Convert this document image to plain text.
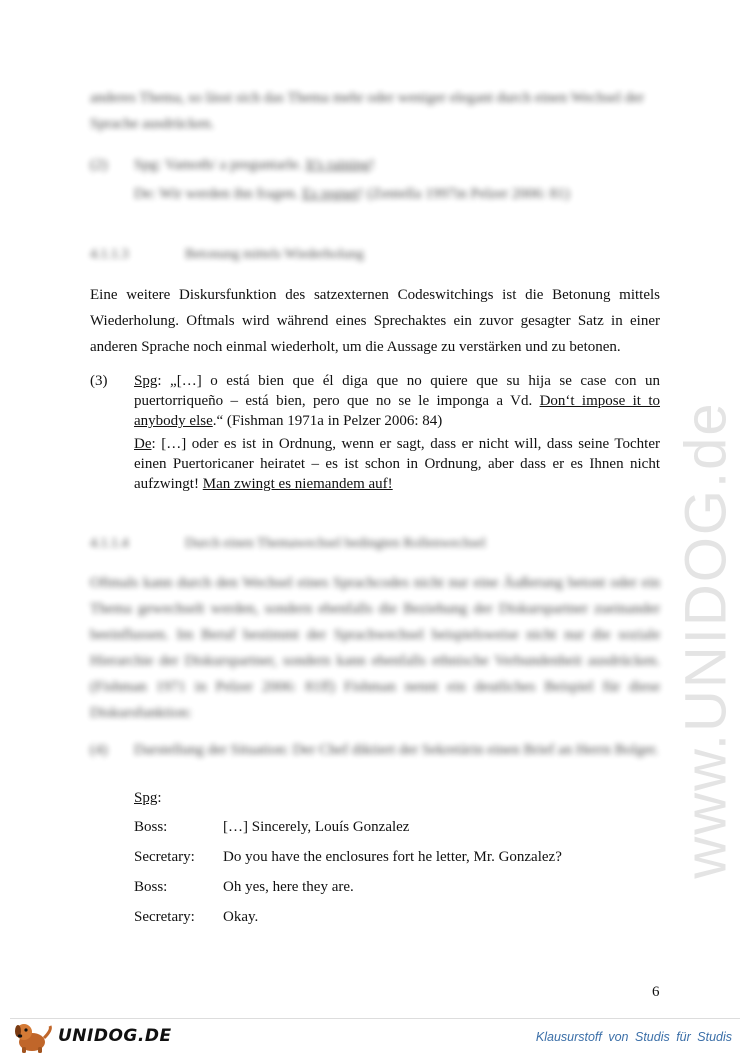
www.UNIDOG.de
anderes Thema, so lässt sich das Thema mehr oder weniger elegant durch einen Wechsel der
Sprache ausdrücken.
(2) Spg: Vamoth/ a preguntarle. It's raining!
De: Wir werden ihn fragen. Es regnet! (Zentella 1997in Pelzer 2006: 81)
4.1.1.3	Betonung mittels Wiederholung
Eine weitere Diskursfunktion des satzexternen Codeswitchings ist die Betonung mittels Wiederholung. Oftmals wird während eines Sprechaktes ein zuvor gesagter Satz in einer anderen Sprache noch einmal wiederholt, um die Aussage zu verstärken und zu betonen.
(3) Spg: „[…] o está bien que él diga que no quiere que su hija se case con un puertorriqueño – está bien, pero que no se le imponga a Vd. Don‘t impose it to anybody else.“ (Fishman 1971a in Pelzer 2006: 84)
De: […] oder es ist in Ordnung, wenn er sagt, dass er nicht will, dass seine Tochter einen Puertoricaner heiratet – es ist schon in Ordnung, aber dass er es Ihnen nicht aufzwingt! Man zwingt es niemandem auf!
4.1.1.4	Durch einen Themawechsel bedingten Rollenwechsel
Oftmals kann durch den Wechsel eines Sprachcodes nicht nur eine Äußerung betont oder ein Thema gewechselt werden, sondern ebenfalls die Beziehung der Diskurspartner zueinander beeinflussen. Im Beruf bestimmt der Sprachwechsel beispielsweise nicht nur die soziale Hierarchie der Diskurspartner, sondern kann ebenfalls ethnische Verbundenheit ausdrücken. (Fishman 1971 in Pelzer 2006: 81ff) Fishman nennt ein deutliches Beispiel für diese Diskursfunktion:
(4) Darstellung der Situation: Der Chef diktiert der Sekretärin einen Brief an Herrn Bolger.
Spg:
Boss:	[…] Sincerely, Louís Gonzalez
Secretary: Do you have the enclosures fort he letter, Mr. Gonzalez?
Boss:	Oh yes, here they are.
Secretary: Okay.
6
UNIDOG.DE	Klausurstoff von Studis für Studis
